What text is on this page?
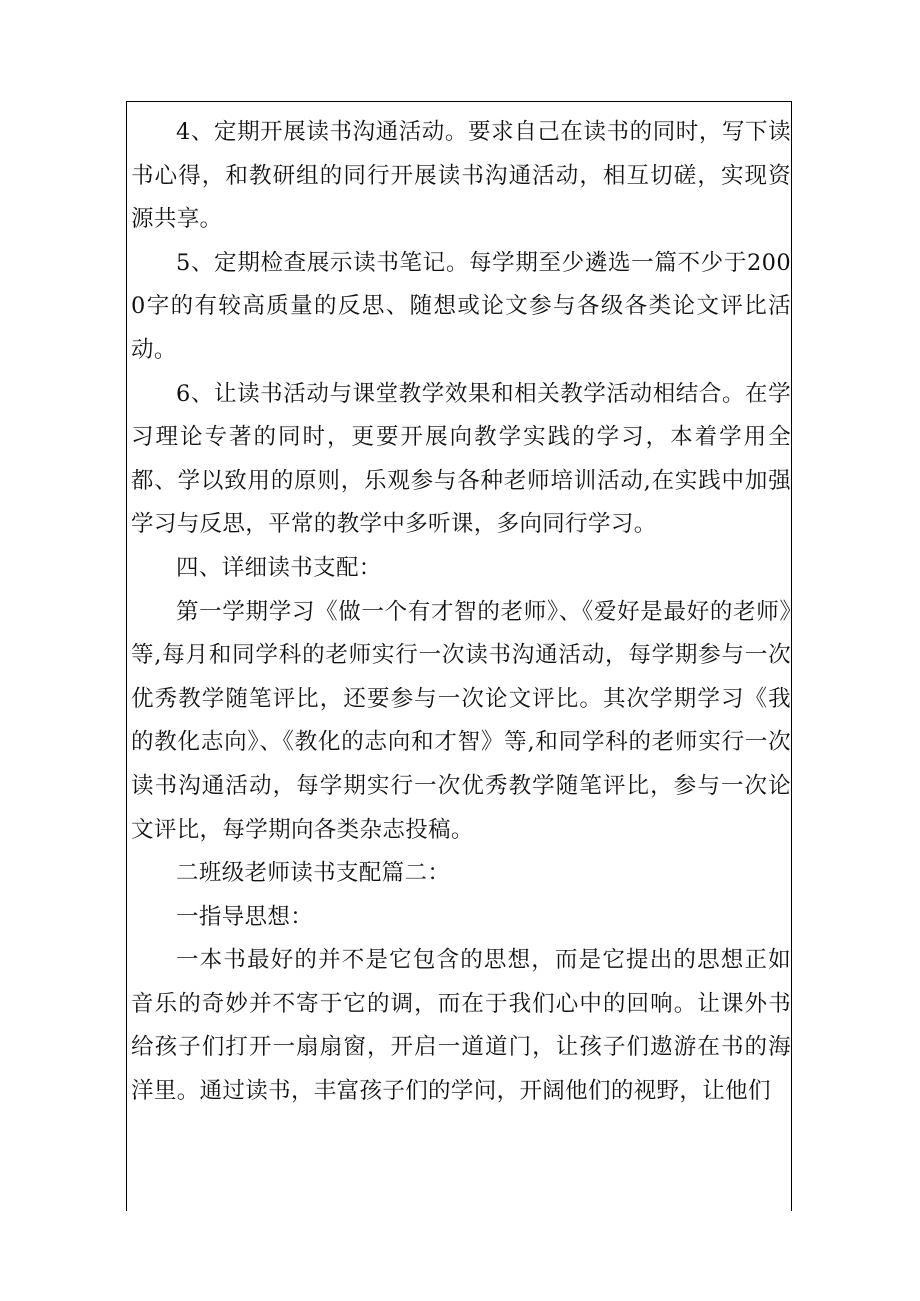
4、定期开展读书沟通活动。要求自己在读书的同时，写下读书心得，和教研组的同行开展读书沟通活动，相互切磋，实现资源共享。

5、定期检查展示读书笔记。每学期至少遴选一篇不少于2000字的有较高质量的反思、随想或论文参与各级各类论文评比活动。

6、让读书活动与课堂教学效果和相关教学活动相结合。在学习理论专著的同时，更要开展向教学实践的学习，本着学用全都、学以致用的原则，乐观参与各种老师培训活动,在实践中加强学习与反思，平常的教学中多听课，多向同行学习。

四、详细读书支配：

第一学期学习《做一个有才智的老师》、《爱好是最好的老师》等,每月和同学科的老师实行一次读书沟通活动，每学期参与一次优秀教学随笔评比，还要参与一次论文评比。其次学期学习《我的教化志向》、《教化的志向和才智》等,和同学科的老师实行一次读书沟通活动，每学期实行一次优秀教学随笔评比，参与一次论文评比，每学期向各类杂志投稿。

二班级老师读书支配篇二：

一指导思想：

一本书最好的并不是它包含的思想，而是它提出的思想正如音乐的奇妙并不寄于它的调，而在于我们心中的回响。让课外书给孩子们打开一扇扇窗，开启一道道门，让孩子们遨游在书的海洋里。通过读书，丰富孩子们的学问，开阔他们的视野，让他们
